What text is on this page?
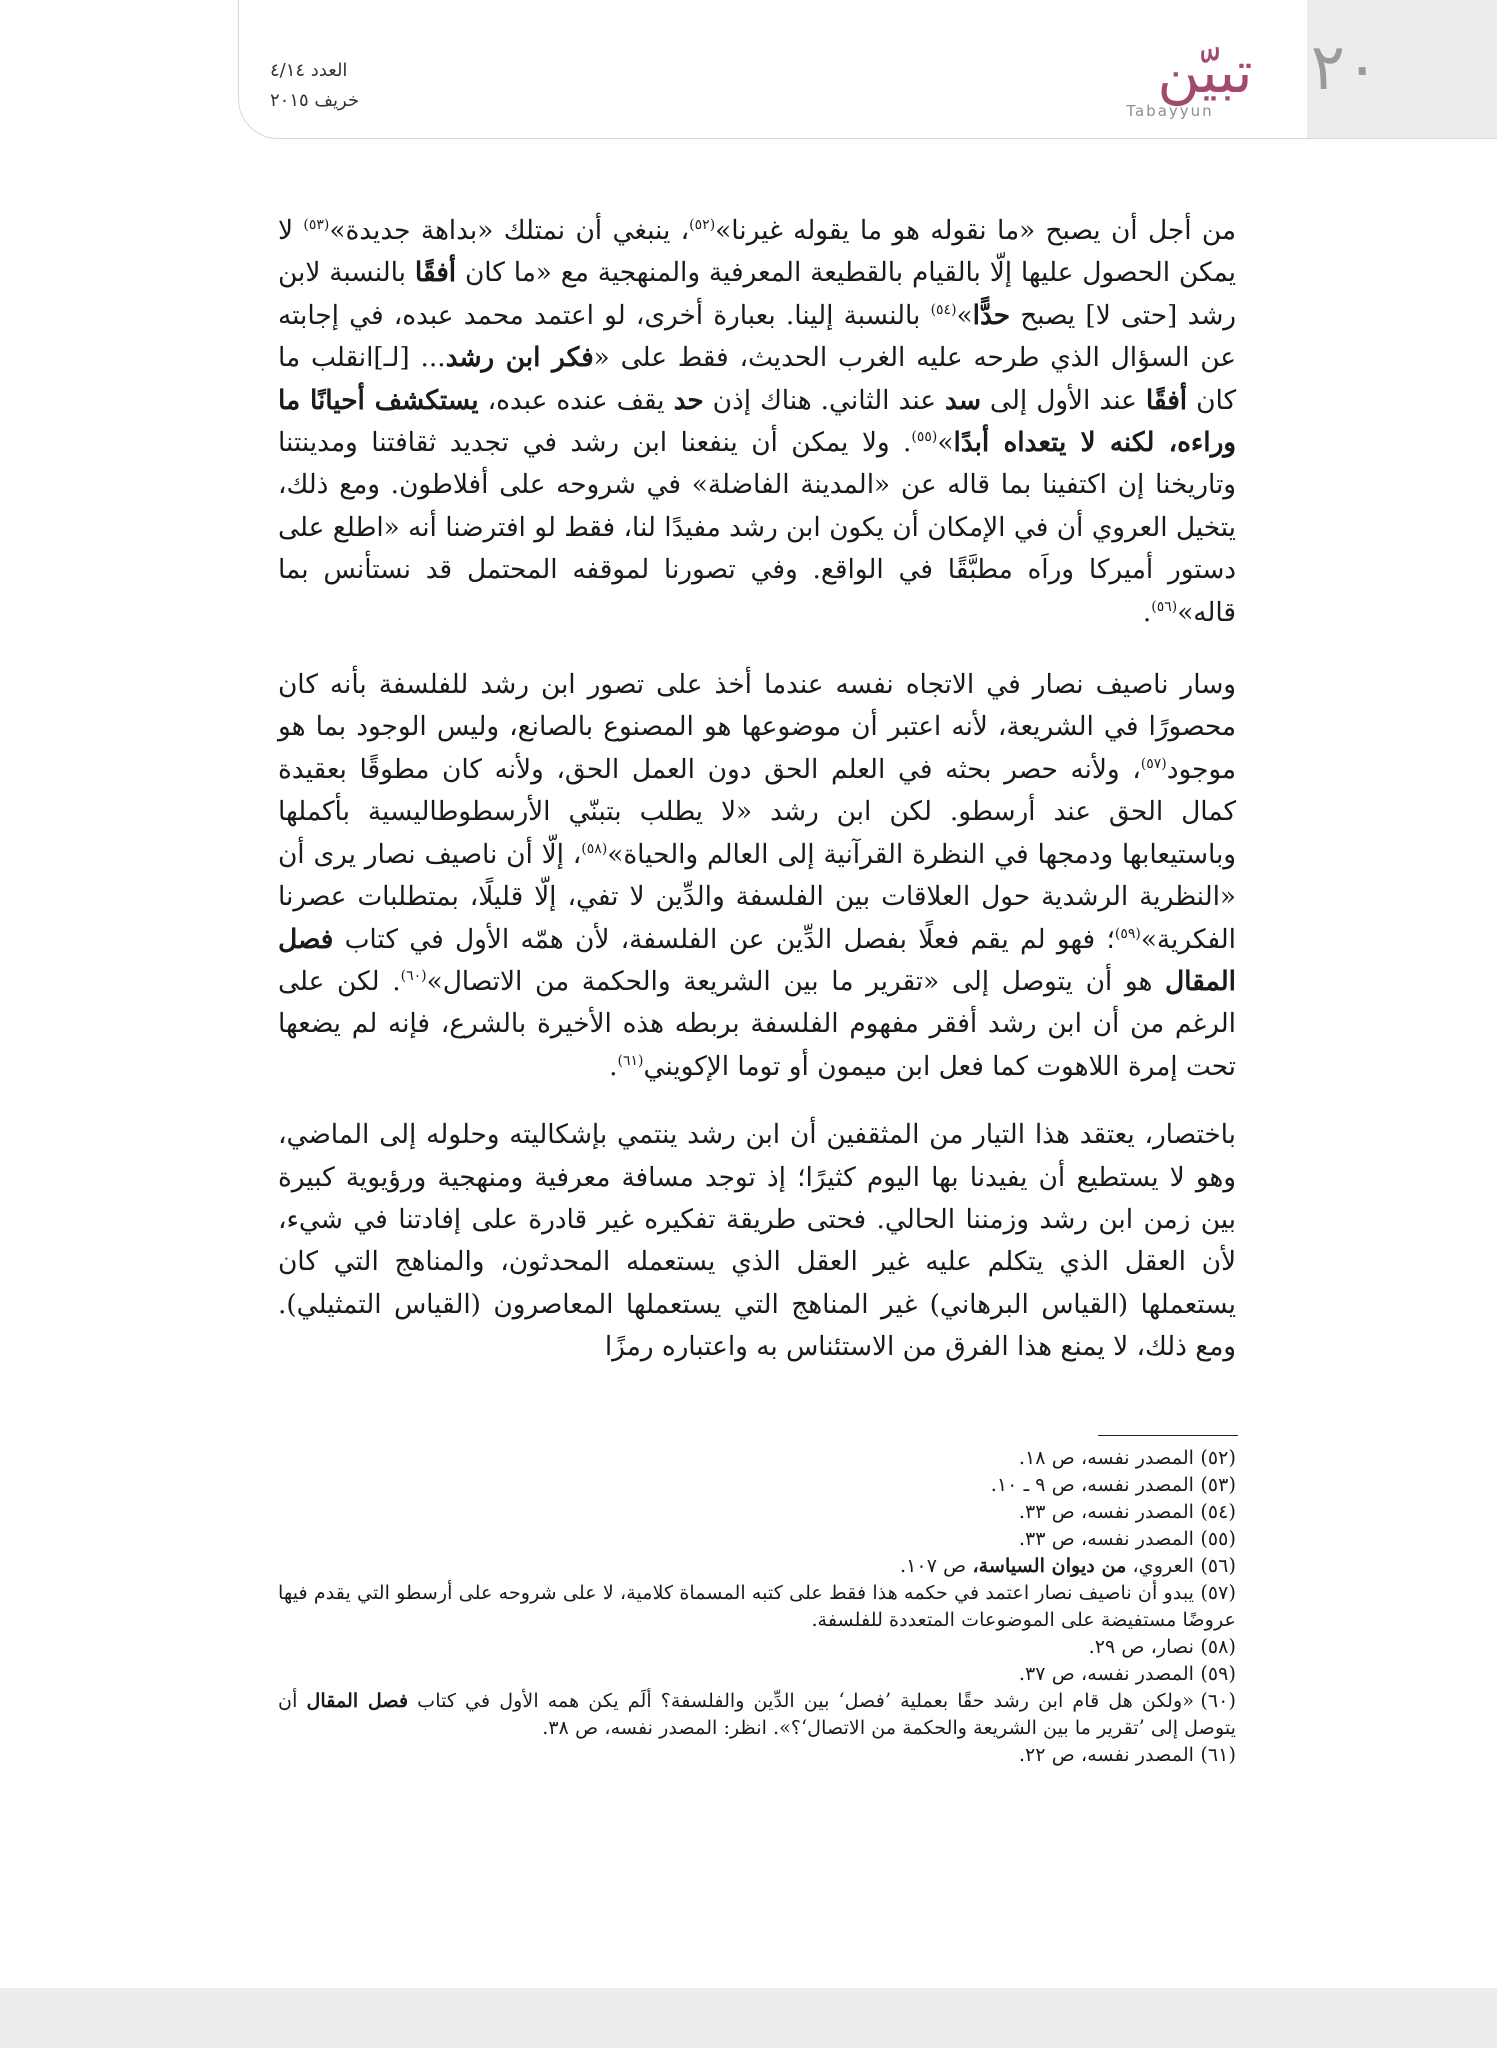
٢٠
تبيّن
Tabayyun
العدد ٤/١٤
خريف ٢٠١٥

من أجل أن يصبح «ما نقوله هو ما يقوله غيرنا»$^{(٥٢)}$، ينبغي أن نمتلك «بداهة جديدة»$^{(٥٣)}$ لا يمكن الحصول عليها إلّا بالقيام بالقطيعة المعرفية والمنهجية مع «ما كان أفقًا بالنسبة لابن رشد [حتى لا] يصبح حدًّا»$^{(٥٤)}$ بالنسبة إلينا. بعبارة أخرى، لو اعتمد محمد عبده، في إجابته عن السؤال الذي طرحه عليه الغرب الحديث، فقط على «فكر ابن رشد... [لـ]انقلب ما كان أفقًا عند الأول إلى سد عند الثاني. هناك إذن حد يقف عنده عبده، يستكشف أحيانًا ما وراءه، لكنه لا يتعداه أبدًا»$^{(٥٥)}$. ولا يمكن أن ينفعنا ابن رشد في تجديد ثقافتنا ومدينتنا وتاريخنا إن اكتفينا بما قاله عن «المدينة الفاضلة» في شروحه على أفلاطون. ومع ذلك، يتخيل العروي أن في الإمكان أن يكون ابن رشد مفيدًا لنا، فقط لو افترضنا أنه «اطلع على دستور أميركا وراَه مطبَّقًا في الواقع. وفي تصورنا لموقفه المحتمل قد نستأنس بما قاله»$^{(٥٦)}$.

وسار ناصيف نصار في الاتجاه نفسه عندما أخذ على تصور ابن رشد للفلسفة بأنه كان محصورًا في الشريعة، لأنه اعتبر أن موضوعها هو المصنوع بالصانع، وليس الوجود بما هو موجود$^{(٥٧)}$، ولأنه حصر بحثه في العلم الحق دون العمل الحق، ولأنه كان مطوقًا بعقيدة كمال الحق عند أرسطو. لكن ابن رشد «لا يطلب بتبنّي الأرسطوطاليسية بأكملها وباستيعابها ودمجها في النظرة القرآنية إلى العالم والحياة»$^{(٥٨)}$، إلّا أن ناصيف نصار يرى أن «النظرية الرشدية حول العلاقات بين الفلسفة والدِّين لا تفي، إلّا قليلًا، بمتطلبات عصرنا الفكرية»$^{(٥٩)}$؛ فهو لم يقم فعلًا بفصل الدِّين عن الفلسفة، لأن همّه الأول في كتاب فصل المقال هو أن يتوصل إلى «تقرير ما بين الشريعة والحكمة من الاتصال»$^{(٦٠)}$. لكن على الرغم من أن ابن رشد أفقر مفهوم الفلسفة بربطه هذه الأخيرة بالشرع، فإنه لم يضعها تحت إمرة اللاهوت كما فعل ابن ميمون أو توما الإكويني$^{(٦١)}$.

باختصار، يعتقد هذا التيار من المثقفين أن ابن رشد ينتمي بإشكاليته وحلوله إلى الماضي، وهو لا يستطيع أن يفيدنا بها اليوم كثيرًا؛ إذ توجد مسافة معرفية ومنهجية ورؤيوية كبيرة بين زمن ابن رشد وزمننا الحالي. فحتى طريقة تفكيره غير قادرة على إفادتنا في شيء، لأن العقل الذي يتكلم عليه غير العقل الذي يستعمله المحدثون، والمناهج التي كان يستعملها (القياس البرهاني) غير المناهج التي يستعملها المعاصرون (القياس التمثيلي). ومع ذلك، لا يمنع هذا الفرق من الاستئناس به واعتباره رمزًا

(٥٢)المصدر نفسه، ص ١٨.

(٥٣)المصدر نفسه، ص ٩ ـ ١٠.

(٥٤)المصدر نفسه، ص ٣٣.

(٥٥)المصدر نفسه، ص ٣٣.

(٥٦)العروي، من ديوان السياسة، ص ١٠٧.

(٥٧)يبدو أن ناصيف نصار اعتمد في حكمه هذا فقط على كتبه المسماة كلامية، لا على شروحه على أرسطو التي يقدم فيها عروضًا مستفيضة على الموضوعات المتعددة للفلسفة.

(٥٨)نصار، ص ٢٩.

(٥٩)المصدر نفسه، ص ٣٧.

(٦٠)«ولكن هل قام ابن رشد حقًا بعملية ’فصل‘ بين الدِّين والفلسفة؟ ألَم يكن همه الأول في كتاب فصل المقال أن يتوصل إلى ’تقرير ما بين الشريعة والحكمة من الاتصال‘؟». انظر: المصدر نفسه، ص ٣٨.

(٦١)المصدر نفسه، ص ٢٢.
